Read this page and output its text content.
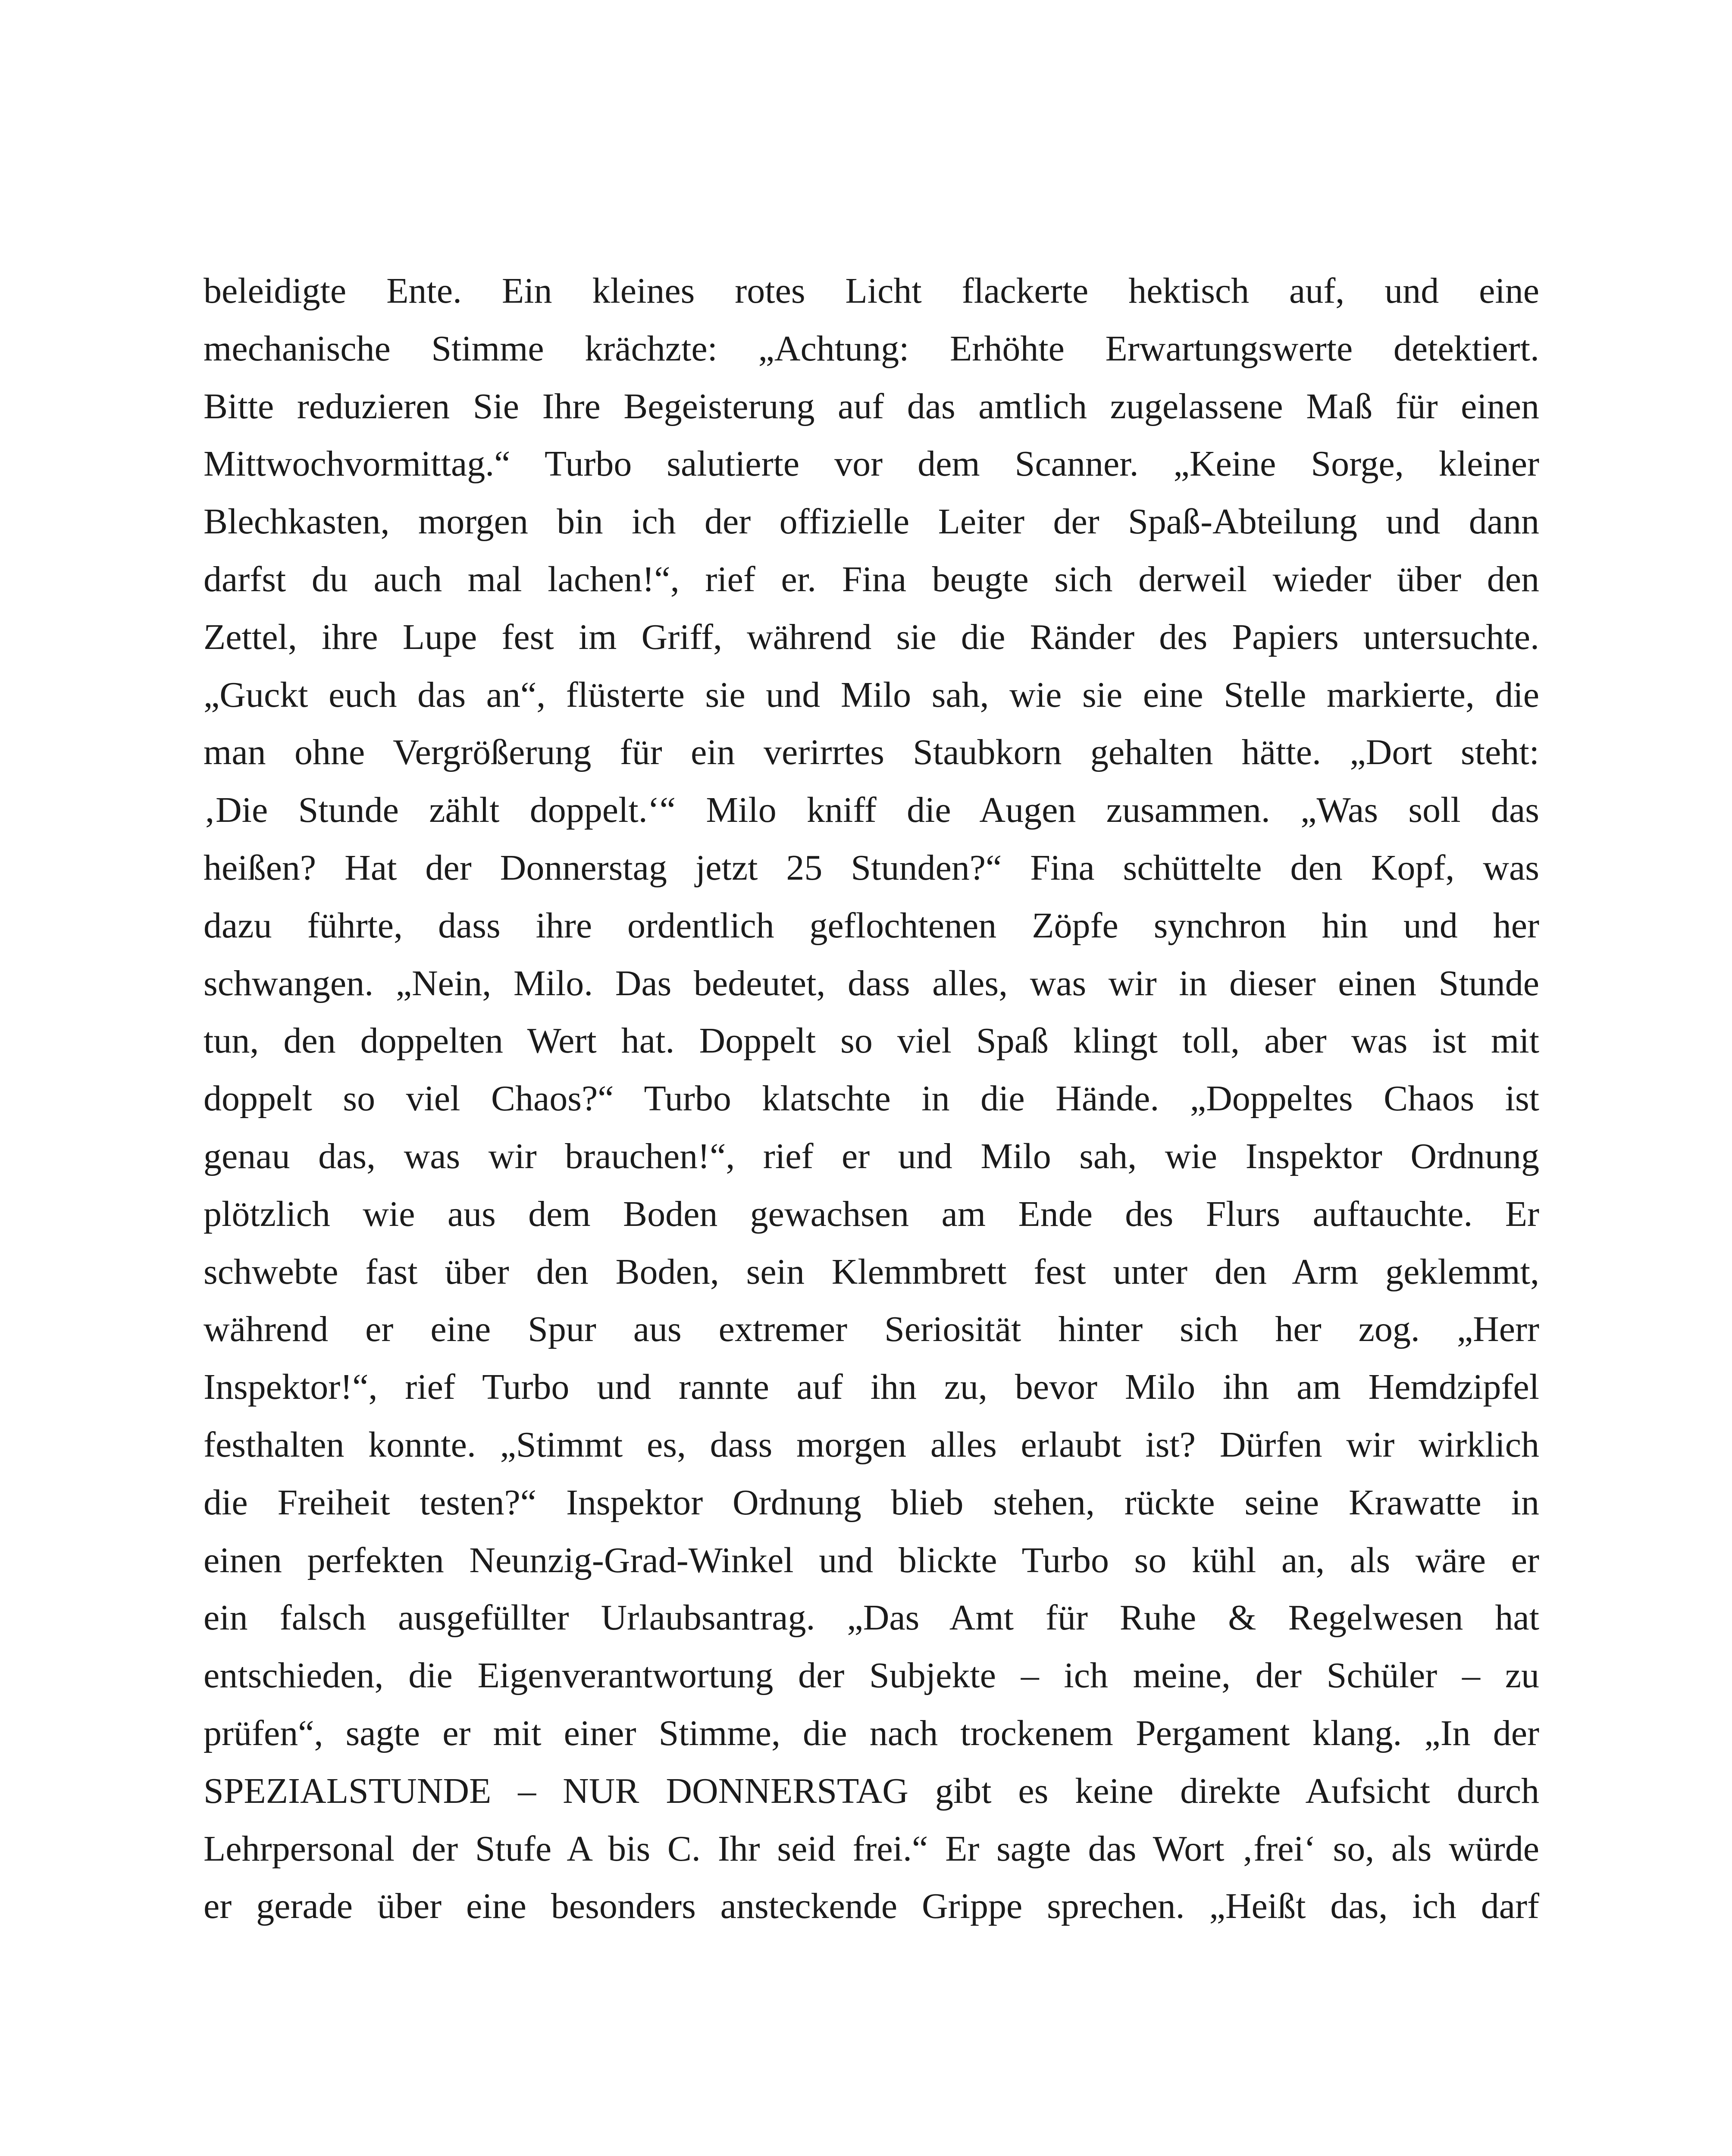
beleidigte Ente. Ein kleines rotes Licht flackerte hektisch auf, und eine
mechanische Stimme krächzte: „Achtung: Erhöhte Erwartungswerte detektiert.
Bitte reduzieren Sie Ihre Begeisterung auf das amtlich zugelassene Maß für einen
Mittwochvormittag.“ Turbo salutierte vor dem Scanner. „Keine Sorge, kleiner
Blechkasten, morgen bin ich der offizielle Leiter der Spaß-Abteilung und dann
darfst du auch mal lachen!“, rief er. Fina beugte sich derweil wieder über den
Zettel, ihre Lupe fest im Griff, während sie die Ränder des Papiers untersuchte.
„Guckt euch das an“, flüsterte sie und Milo sah, wie sie eine Stelle markierte, die
man ohne Vergrößerung für ein verirrtes Staubkorn gehalten hätte. „Dort steht:
‚Die Stunde zählt doppelt.‘“ Milo kniff die Augen zusammen. „Was soll das
heißen? Hat der Donnerstag jetzt 25 Stunden?“ Fina schüttelte den Kopf, was
dazu führte, dass ihre ordentlich geflochtenen Zöpfe synchron hin und her
schwangen. „Nein, Milo. Das bedeutet, dass alles, was wir in dieser einen Stunde
tun, den doppelten Wert hat. Doppelt so viel Spaß klingt toll, aber was ist mit
doppelt so viel Chaos?“ Turbo klatschte in die Hände. „Doppeltes Chaos ist
genau das, was wir brauchen!“, rief er und Milo sah, wie Inspektor Ordnung
plötzlich wie aus dem Boden gewachsen am Ende des Flurs auftauchte. Er
schwebte fast über den Boden, sein Klemmbrett fest unter den Arm geklemmt,
während er eine Spur aus extremer Seriosität hinter sich her zog. „Herr
Inspektor!“, rief Turbo und rannte auf ihn zu, bevor Milo ihn am Hemdzipfel
festhalten konnte. „Stimmt es, dass morgen alles erlaubt ist? Dürfen wir wirklich
die Freiheit testen?“ Inspektor Ordnung blieb stehen, rückte seine Krawatte in
einen perfekten Neunzig-Grad-Winkel und blickte Turbo so kühl an, als wäre er
ein falsch ausgefüllter Urlaubsantrag. „Das Amt für Ruhe & Regelwesen hat
entschieden, die Eigenverantwortung der Subjekte – ich meine, der Schüler – zu
prüfen“, sagte er mit einer Stimme, die nach trockenem Pergament klang. „In der
SPEZIALSTUNDE – NUR DONNERSTAG gibt es keine direkte Aufsicht durch
Lehrpersonal der Stufe A bis C. Ihr seid frei.“ Er sagte das Wort ‚frei‘ so, als würde
er gerade über eine besonders ansteckende Grippe sprechen. „Heißt das, ich darf
